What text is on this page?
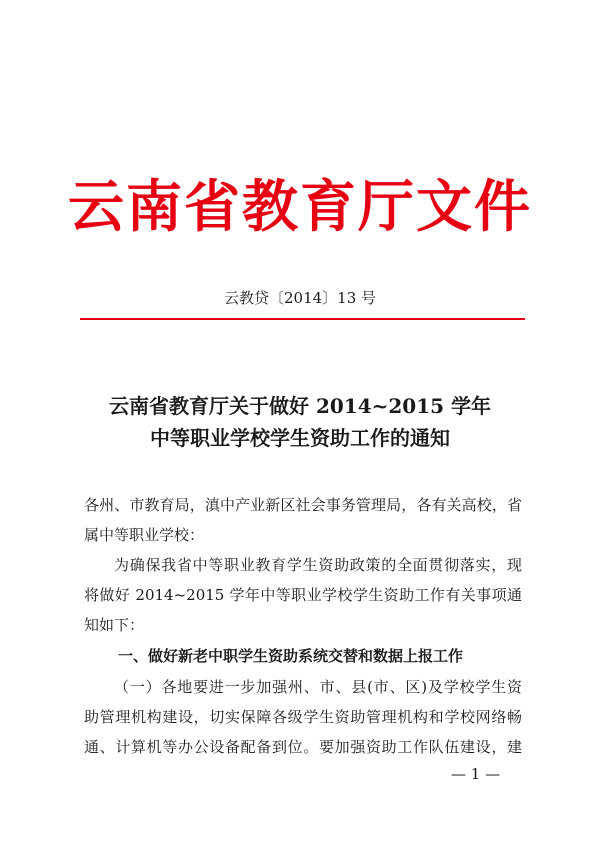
云南省教育厅文件
云教贷〔2014〕13 号
云南省教育厅关于做好 2014~2015 学年
中等职业学校学生资助工作的通知
各州、市教育局，滇中产业新区社会事务管理局，各有关高校，省
属中等职业学校：
为确保我省中等职业教育学生资助政策的全面贯彻落实，现
将做好 2014~2015 学年中等职业学校学生资助工作有关事项通
知如下：
一、做好新老中职学生资助系统交替和数据上报工作
（一）各地要进一步加强州、市、县(市、区)及学校学生资
助管理机构建设，切实保障各级学生资助管理机构和学校网络畅
通、计算机等办公设备配备到位。要加强资助工作队伍建设，建
— 1 —
